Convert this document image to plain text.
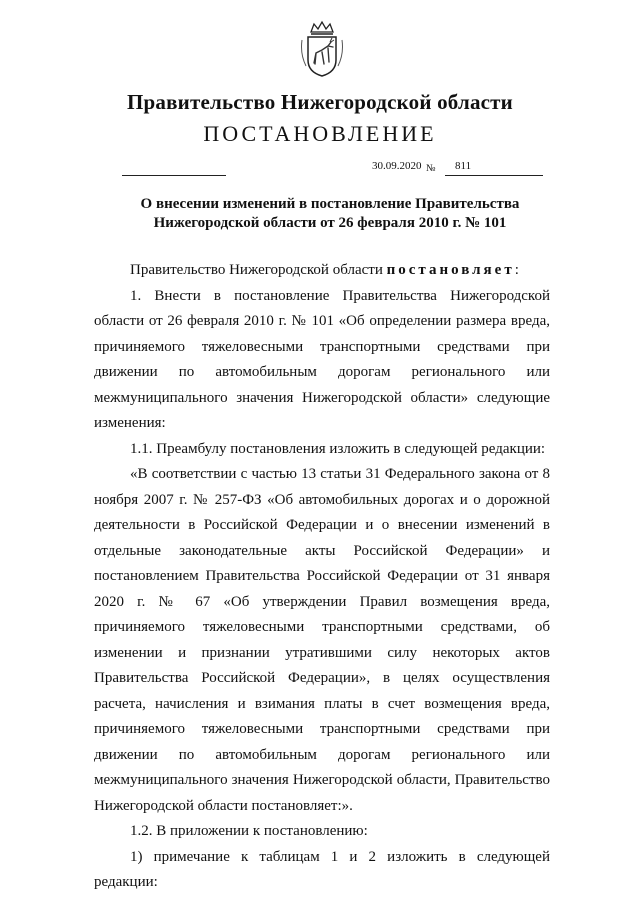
Правительство Нижегородской области
ПОСТАНОВЛЕНИЕ
30.09.2020 № 811
О внесении изменений в постановление Правительства
Нижегородской области от 26 февраля 2010 г. № 101

Правительство Нижегородской области постановляет:

1. Внести в постановление Правительства Нижегородской области от 26 февраля 2010 г. № 101 «Об определении размера вреда, причиняемого тяжеловесными транспортными средствами при движении по автомобильным дорогам регионального или межмуниципального значения Нижегородской области» следующие изменения:

1.1. Преамбулу постановления изложить в следующей редакции:

«В соответствии с частью 13 статьи 31 Федерального закона от 8 ноября 2007 г. № 257-ФЗ «Об автомобильных дорогах и о дорожной деятельности в Российской Федерации и о внесении изменений в отдельные законодательные акты Российской Федерации» и постановлением Правительства Российской Федерации от 31 января 2020 г. № 67 «Об утверждении Правил возмещения вреда, причиняемого тяжеловесными транспортными средствами, об изменении и признании утратившими силу некоторых актов Правительства Российской Федерации», в целях осуществления расчета, начисления и взимания платы в счет возмещения вреда, причиняемого тяжеловесными транспортными средствами при движении по автомобильным дорогам регионального или межмуниципального значения Нижегородской области, Правительство Нижегородской области постановляет:».

1.2. В приложении к постановлению:

1) примечание к таблицам 1 и 2 изложить в следующей редакции:
